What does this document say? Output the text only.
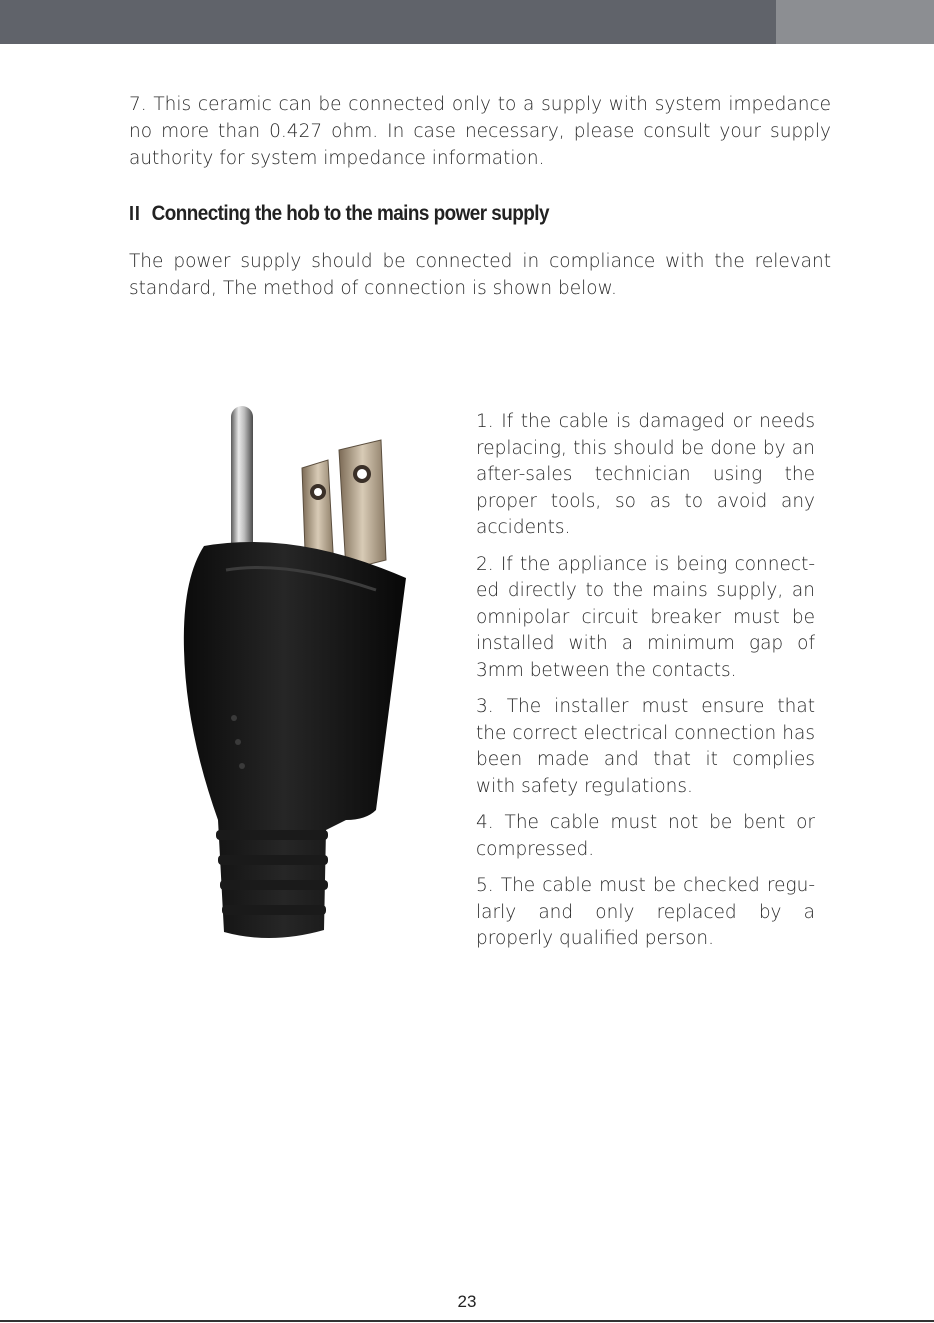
7. This ceramic can be connected only to a supply with system impedance no more than 0.427 ohm. In case necessary, please consult your supply authority for system impedance information.

II Connecting the hob to the mains power supply

The power supply should be connected in compliance with the relevant standard, The method of connection is shown below.

1. If the cable is damaged or needs replacing, this should be done by an after-sales technician using the proper tools, so as to avoid any accidents.

2. If the appliance is being connect-ed directly to the mains supply, an omnipolar circuit breaker must be installed with a minimum gap of 3mm between the contacts.

3. The installer must ensure that the correct electrical connection has been made and that it complies with safety regulations.

4. The cable must not be bent or compressed.

5. The cable must be checked regu-larly and only replaced by a properly qualified person.

23
